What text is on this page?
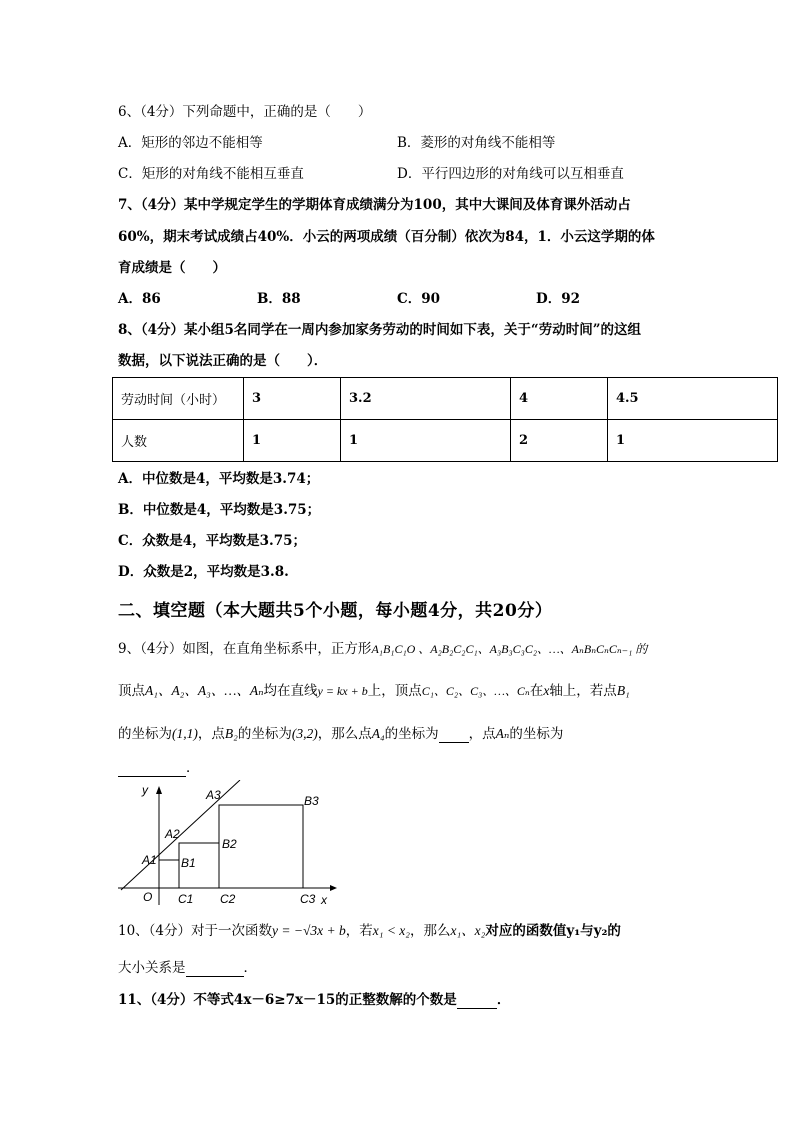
6、（4分）下列命题中，正确的是（　　）
A．矩形的邻边不能相等	B．菱形的对角线不能相等
C．矩形的对角线不能相互垂直	D．平行四边形的对角线可以互相垂直
7、（4分）某中学规定学生的学期体育成绩满分为100，其中大课间及体育课外活动占
60%，期末考试成绩占40%．小云的两项成绩（百分制）依次为84，1．小云这学期的体
育成绩是（　　）
A．86	B．88	C．90	D．92
8、（4分）某小组5名同学在一周内参加家务劳动的时间如下表，关于“劳动时间”的这组
数据，以下说法正确的是（　　）．
劳动时间（小时）	3	3.2	4	4.5
人数	1	1	2	1
A．中位数是4，平均数是3.74；
B．中位数是4，平均数是3.75；
C．众数是4，平均数是3.75；
D．众数是2，平均数是3.8.
二、填空题（本大题共5个小题，每小题4分，共20分）
9、（4分）如图，在直角坐标系中，正方形A₁B₁C₁O 、A₂B₂C₂C₁、A₃B₃C₃C₂、…、AₙBₙCₙCₙ₋₁ 的
顶点A₁、A₂、A₃、…、Aₙ均在直线y = kx + b上，顶点C₁、C₂、C₃、…、Cₙ在x轴上，若点B₁
的坐标为(1,1)，点B₂的坐标为(3,2)，那么点A₄的坐标为 ，点Aₙ的坐标为
．
y
x
O
A1
A2
A3
B1
B2
B3
C1 C2	C3
10、（4分）对于一次函数y = −√3x + b，若x₁ < x₂，那么x₁、x₂对应的函数值y₁与y₂的
大小关系是	．
11、（4分）不等式4x－6≥7x－15的正整数解的个数是	．
